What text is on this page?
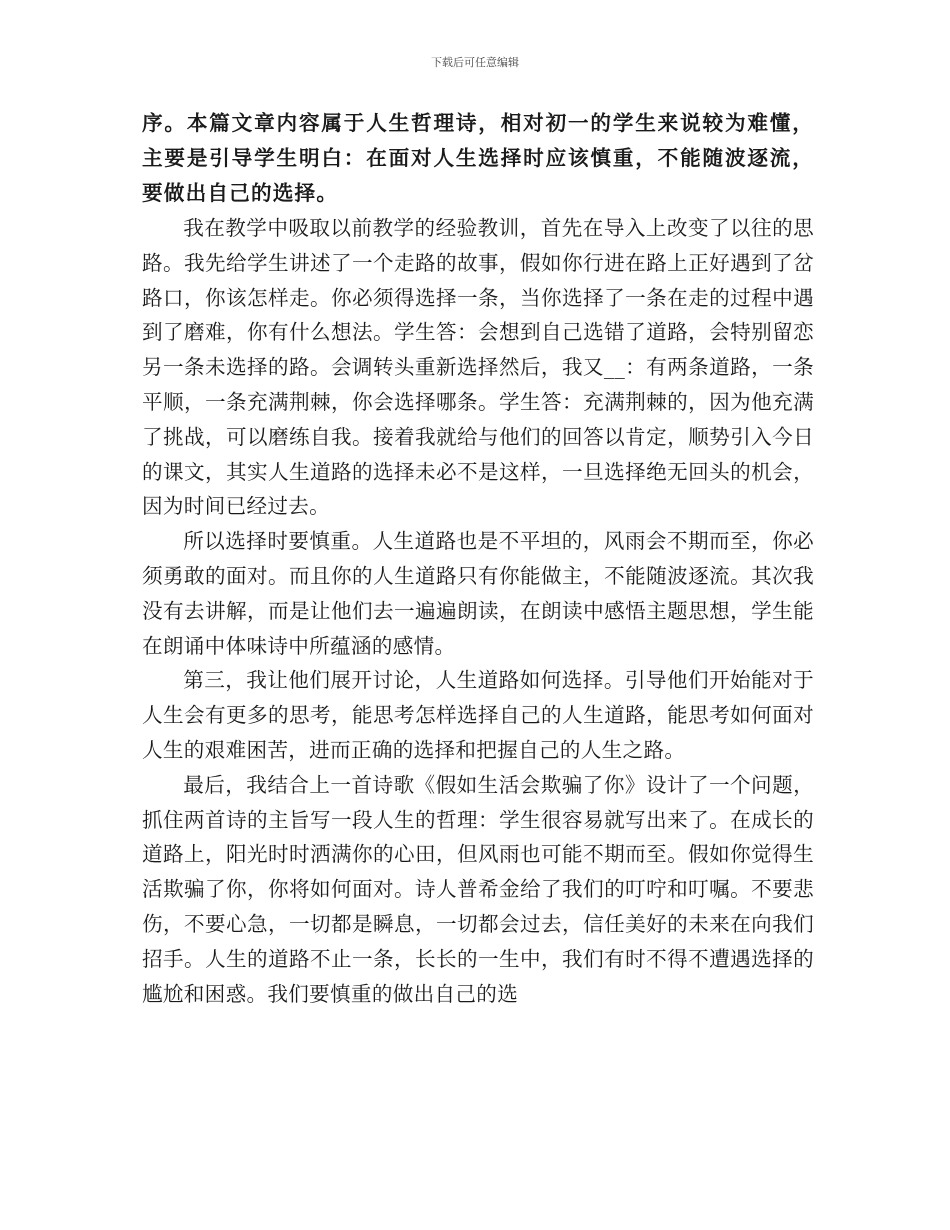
下载后可任意编辑

序。本篇文章内容属于人生哲理诗，相对初一的学生来说较为难懂，主要是引导学生明白：在面对人生选择时应该慎重，不能随波逐流，要做出自己的选择。

我在教学中吸取以前教学的经验教训，首先在导入上改变了以往的思路。我先给学生讲述了一个走路的故事，假如你行进在路上正好遇到了岔路口，你该怎样走。你必须得选择一条，当你选择了一条在走的过程中遇到了磨难，你有什么想法。学生答：会想到自己选错了道路，会特别留恋另一条未选择的路。会调转头重新选择然后，我又__：有两条道路，一条平顺，一条充满荆棘，你会选择哪条。学生答：充满荆棘的，因为他充满了挑战，可以磨练自我。接着我就给与他们的回答以肯定，顺势引入今日的课文，其实人生道路的选择未必不是这样，一旦选择绝无回头的机会，因为时间已经过去。

所以选择时要慎重。人生道路也是不平坦的，风雨会不期而至，你必须勇敢的面对。而且你的人生道路只有你能做主，不能随波逐流。其次我没有去讲解，而是让他们去一遍遍朗读，在朗读中感悟主题思想，学生能在朗诵中体味诗中所蕴涵的感情。

第三，我让他们展开讨论，人生道路如何选择。引导他们开始能对于人生会有更多的思考，能思考怎样选择自己的人生道路，能思考如何面对人生的艰难困苦，进而正确的选择和把握自己的人生之路。

最后，我结合上一首诗歌《假如生活会欺骗了你》设计了一个问题，抓住两首诗的主旨写一段人生的哲理：学生很容易就写出来了。在成长的道路上，阳光时时洒满你的心田，但风雨也可能不期而至。假如你觉得生活欺骗了你，你将如何面对。诗人普希金给了我们的叮咛和叮嘱。不要悲伤，不要心急，一切都是瞬息，一切都会过去，信任美好的未来在向我们招手。人生的道路不止一条，长长的一生中，我们有时不得不遭遇选择的尴尬和困惑。我们要慎重的做出自己的选
